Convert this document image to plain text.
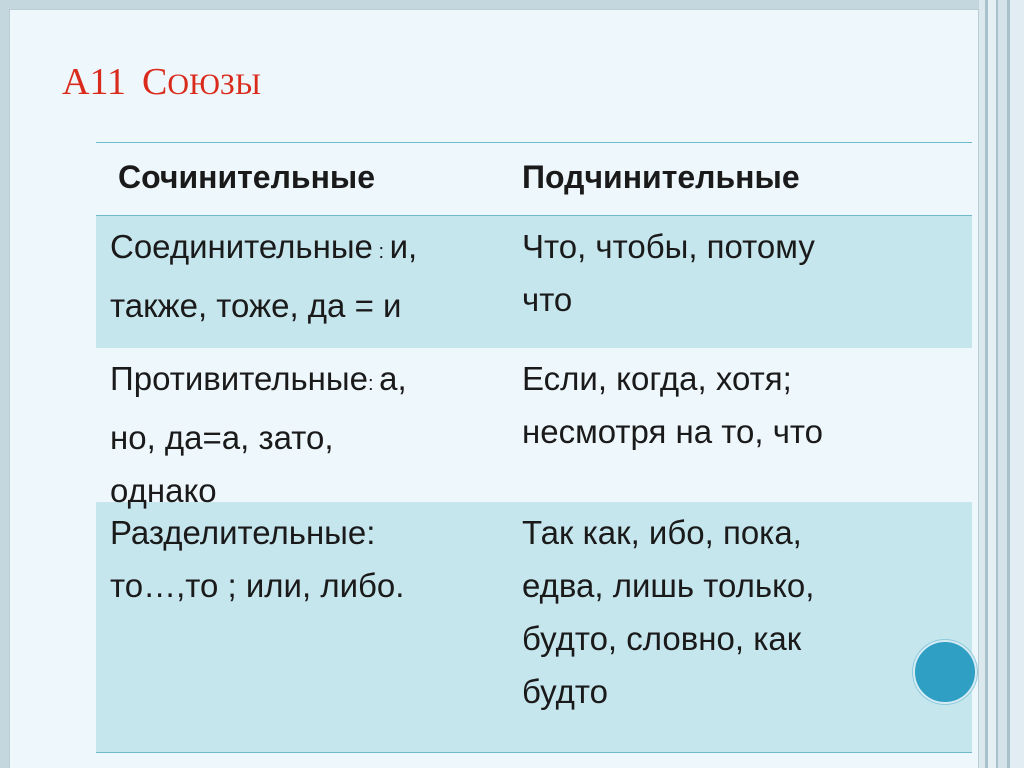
А11 СОЮЗЫ
Сочинительные	Подчинительные
Соединительные : и,
также, тоже, да = и
Что, чтобы, потому
что
Противительные: а,
но, да=а, зато,
однако
Если, когда, хотя;
несмотря на то, что
Разделительные:
то…,то ; или, либо.
Так как, ибо, пока,
едва, лишь только,
будто, словно, как
будто
